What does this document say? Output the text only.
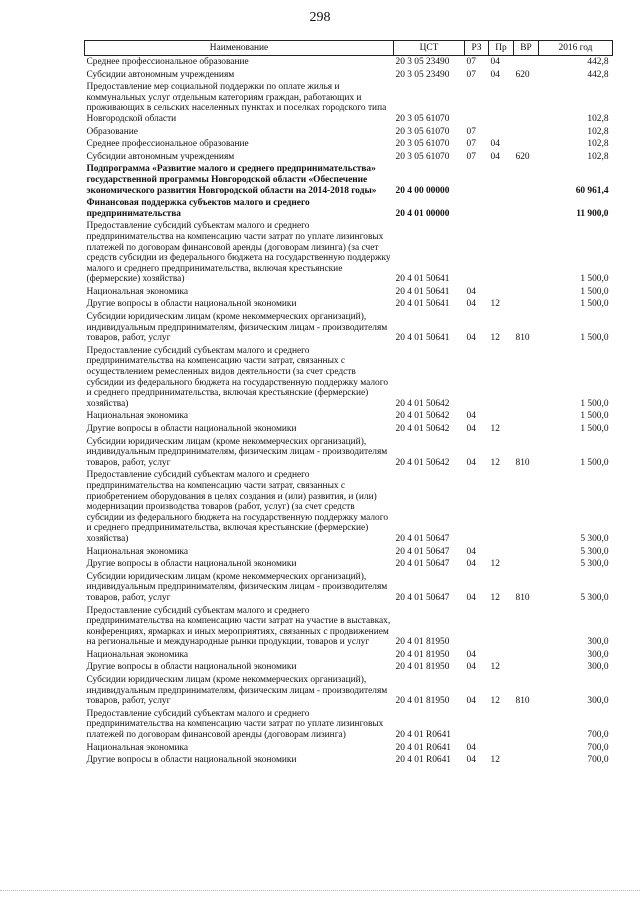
298
Наименование	ЦСТ	РЗ	Пр	ВР	2016 год
Среднее профессиональное образование	20 3 05 23490	07	04		442,8
Субсидии автономным учреждениям	20 3 05 23490	07	04	620	442,8
Предоставление мер социальной поддержки по оплате жилья и коммунальных услуг отдельным категориям граждан, работающих и проживающих в сельских населенных пунктах и поселках городского типа Новгородской области	20 3 05 61070				102,8
Образование	20 3 05 61070	07			102,8
Среднее профессиональное образование	20 3 05 61070	07	04		102,8
Субсидии автономным учреждениям	20 3 05 61070	07	04	620	102,8
Подпрограмма «Развитие малого и среднего предпринимательства» государственной программы Новгородской области «Обеспечение экономического развития Новгородской области на 2014-2018 годы»	20 4 00 00000				60 961,4
Финансовая поддержка субъектов малого и среднего предпринимательства	20 4 01 00000				11 900,0
Предоставление субсидий субъектам малого и среднего предпринимательства на компенсацию части затрат по уплате лизинговых платежей по договорам финансовой аренды (договорам лизинга) (за счет средств субсидии из федерального бюджета на государственную поддержку малого и среднего предпринимательства, включая крестьянские (фермерские) хозяйства)	20 4 01 50641				1 500,0
Национальная экономика	20 4 01 50641	04			1 500,0
Другие вопросы в области национальной экономики	20 4 01 50641	04	12		1 500,0
Субсидии юридическим лицам (кроме некоммерческих организаций), индивидуальным предпринимателям, физическим лицам - производителям товаров, работ, услуг	20 4 01 50641	04	12	810	1 500,0
Предоставление субсидий субъектам малого и среднего предпринимательства на компенсацию части затрат, связанных с осуществлением ремесленных видов деятельности (за счет средств субсидии из федерального бюджета на государственную поддержку малого и среднего предпринимательства, включая крестьянские (фермерские) хозяйства)	20 4 01 50642				1 500,0
Национальная экономика	20 4 01 50642	04			1 500,0
Другие вопросы в области национальной экономики	20 4 01 50642	04	12		1 500,0
Субсидии юридическим лицам (кроме некоммерческих организаций), индивидуальным предпринимателям, физическим лицам - производителям товаров, работ, услуг	20 4 01 50642	04	12	810	1 500,0
Предоставление субсидий субъектам малого и среднего предпринимательства на компенсацию части затрат, связанных с приобретением оборудования в целях создания и (или) развития, и (или) модернизации производства товаров (работ, услуг) (за счет средств субсидии из федерального бюджета на государственную поддержку малого и среднего предпринимательства, включая крестьянские (фермерские) хозяйства)	20 4 01 50647				5 300,0
Национальная экономика	20 4 01 50647	04			5 300,0
Другие вопросы в области национальной экономики	20 4 01 50647	04	12		5 300,0
Субсидии юридическим лицам (кроме некоммерческих организаций), индивидуальным предпринимателям, физическим лицам - производителям товаров, работ, услуг	20 4 01 50647	04	12	810	5 300,0
Предоставление субсидий субъектам малого и среднего предпринимательства на компенсацию части затрат на участие в выставках, конференциях, ярмарках и иных мероприятиях, связанных с продвижением на региональные и международные рынки продукции, товаров и услуг	20 4 01 81950				300,0
Национальная экономика	20 4 01 81950	04			300,0
Другие вопросы в области национальной экономики	20 4 01 81950	04	12		300,0
Субсидии юридическим лицам (кроме некоммерческих организаций), индивидуальным предпринимателям, физическим лицам - производителям товаров, работ, услуг	20 4 01 81950	04	12	810	300,0
Предоставление субсидий субъектам малого и среднего предпринимательства на компенсацию части затрат по уплате лизинговых платежей по договорам финансовой аренды (договорам лизинга)	20 4 01 R0641				700,0
Национальная экономика	20 4 01 R0641	04			700,0
Другие вопросы в области национальной экономики	20 4 01 R0641	04	12		700,0
